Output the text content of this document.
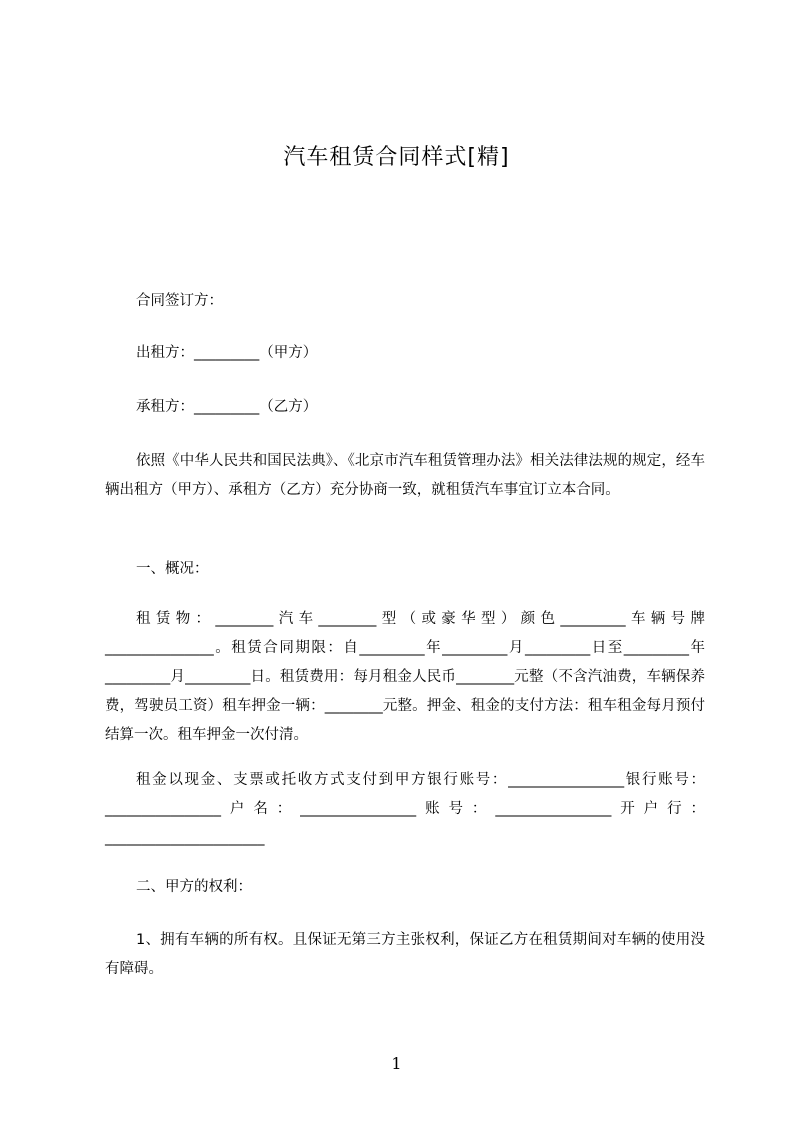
汽车租赁合同样式[精]

合同签订方：

出租方：_________（甲方）

承租方：_________（乙方）

依照《中华人民共和国民法典》、《北京市汽车租赁管理办法》相关法律法规的规定，经车辆出租方（甲方）、承租方（乙方）充分协商一致，就租赁汽车事宜订立本合同。

一、概况：

租赁物：________汽车________型（或豪华型）颜色_________车辆号牌_______________。租赁合同期限：自_________年_________月_________日至_________年_________月_________日。租赁费用：每月租金人民币________元整（不含汽油费，车辆保养费，驾驶员工资）租车押金一辆：________元整。押金、租金的支付方法：租车租金每月预付结算一次。租车押金一次付清。

租金以现金、支票或托收方式支付到甲方银行账号：________________银行账号：________________户名：________________账号：________________开户行：______________________

二、甲方的权利：

1、拥有车辆的所有权。且保证无第三方主张权利，保证乙方在租赁期间对车辆的使用没有障碍。

1
